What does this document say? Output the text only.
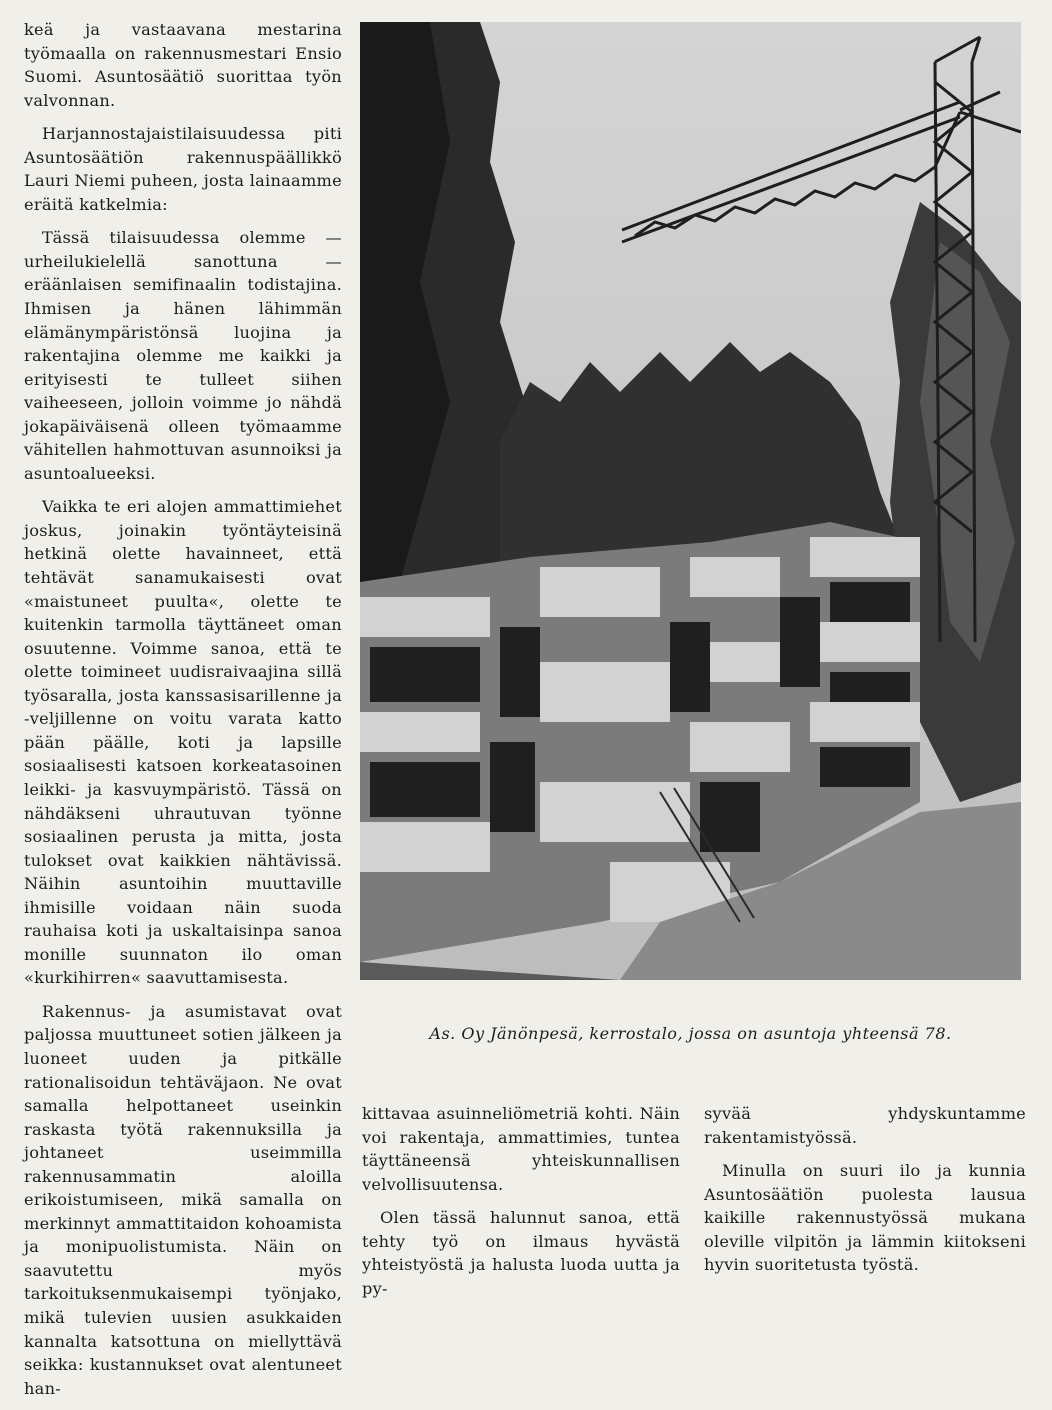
keä ja vastaavana mestarina työmaalla on rakennusmestari Ensio Suomi. Asuntosäätiö suorittaa työn valvonnan.

Harjannostajaistilaisuudessa piti Asuntosäätiön rakennuspäällikkö Lauri Niemi puheen, josta lainaamme eräitä katkelmia:

Tässä tilaisuudessa olemme — urheilukielellä sanottuna — eräänlaisen semifinaalin todistajina. Ihmisen ja hänen lähimmän elämänympäristönsä luojina ja rakentajina olemme me kaikki ja erityisesti te tulleet siihen vaiheeseen, jolloin voimme jo nähdä jokapäiväisenä olleen työmaamme vähitellen hahmottuvan asunnoiksi ja asuntoalueeksi.

Vaikka te eri alojen ammattimiehet joskus, joinakin työntäyteisinä hetkinä olette havainneet, että tehtävät sanamukaisesti ovat «maistuneet puulta«, olette te kuitenkin tarmolla täyttäneet oman osuutenne. Voimme sanoa, että te olette toimineet uudisraivaajina sillä työsaralla, josta kanssasisarillenne ja -veljillenne on voitu varata katto pään päälle, koti ja lapsille sosiaalisesti katsoen korkeatasoinen leikki- ja kasvuympäristö. Tässä on nähdäkseni uhrautuvan työnne sosiaalinen perusta ja mitta, josta tulokset ovat kaikkien nähtävissä. Näihin asuntoihin muuttaville ihmisille voidaan näin suoda rauhaisa koti ja uskaltaisinpa sanoa monille suunnaton ilo oman «kurkihirren« saavuttamisesta.

Rakennus- ja asumistavat ovat paljossa muuttuneet sotien jälkeen ja luoneet uuden ja pitkälle rationalisoidun tehtäväjaon. Ne ovat samalla helpottaneet useinkin raskasta työtä rakennuksilla ja johtaneet useimmilla rakennusammatin aloilla erikoistumiseen, mikä samalla on merkinnyt ammattitaidon kohoamista ja monipuolistumista. Näin on saavutettu myös tarkoituksenmukaisempi työnjako, mikä tulevien uusien asukkaiden kannalta katsottuna on miellyttävä seikka: kustannukset ovat alentuneet han-

As. Oy Jänönpesä, kerrostalo, jossa on asuntoja yhteensä 78.

kittavaa asuinneliömetriä kohti. Näin voi rakentaja, ammattimies, tuntea täyttäneensä yhteiskunnallisen velvollisuutensa.

Olen tässä halunnut sanoa, että tehty työ on ilmaus hyvästä yhteistyöstä ja halusta luoda uutta ja py-

syvää yhdyskuntamme rakentamistyössä.

Minulla on suuri ilo ja kunnia Asuntosäätiön puolesta lausua kaikille rakennustyössä mukana oleville vilpitön ja lämmin kiitokseni hyvin suoritetusta työstä.
